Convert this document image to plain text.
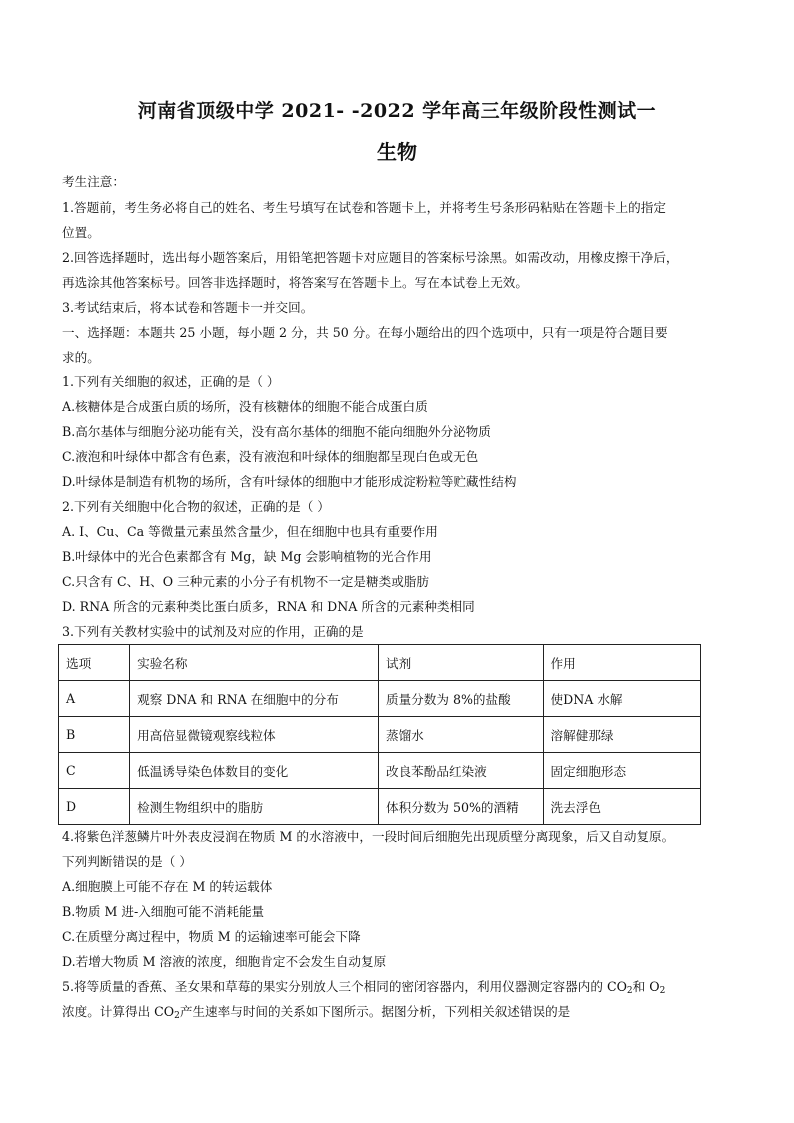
河南省顶级中学 2021- -2022 学年高三年级阶段性测试一
生物
考生注意：
1.答题前，考生务必将自己的姓名、考生号填写在试卷和答题卡上，并将考生号条形码粘贴在答题卡上的指定
位置。
2.回答选择题时，选出每小题答案后，用铅笔把答题卡对应题目的答案标号涂黑。如需改动，用橡皮擦干净后，
再选涂其他答案标号。回答非选择题时，将答案写在答题卡上。写在本试卷上无效。
3.考试结束后，将本试卷和答题卡一并交回。
一、选择题：本题共 25 小题，每小题 2 分，共 50 分。在每小题给出的四个选项中，只有一项是符合题目要
求的。
1.下列有关细胞的叙述，正确的是（ ）
A.核糖体是合成蛋白质的场所，没有核糖体的细胞不能合成蛋白质
B.高尔基体与细胞分泌功能有关，没有高尔基体的细胞不能向细胞外分泌物质
C.液泡和叶绿体中都含有色素，没有液泡和叶绿体的细胞都呈现白色或无色
D.叶绿体是制造有机物的场所，含有叶绿体的细胞中才能形成淀粉粒等贮藏性结构
2.下列有关细胞中化合物的叙述，正确的是（ ）
A. I、Cu、Ca 等微量元素虽然含量少，但在细胞中也具有重要作用
B.叶绿体中的光合色素都含有 Mg，缺 Mg 会影响植物的光合作用
C.只含有 C、H、O 三种元素的小分子有机物不一定是糖类或脂肪
D. RNA 所含的元素种类比蛋白质多，RNA 和 DNA 所含的元素种类相同
3.下列有关教材实验中的试剂及对应的作用，正确的是
选项	实验名称	试剂	作用
A	观察 DNA 和 RNA 在细胞中的分布	质量分数为 8%的盐酸	使DNA 水解
B	用高倍显微镜观察线粒体	蒸馏水	溶解健那绿
C	低温诱导染色体数目的变化	改良苯酚品红染液	固定细胞形态
D	检测生物组织中的脂肪	体积分数为 50%的酒精	洗去浮色
4.将紫色洋葱鳞片叶外表皮浸润在物质 M 的水溶液中，一段时间后细胞先出现质壁分离现象，后又自动复原。
下列判断错误的是（ ）
A.细胞膜上可能不存在 M 的转运载体
B.物质 M 进-入细胞可能不消耗能量
C.在质壁分离过程中，物质 M 的运输速率可能会下降
D.若增大物质 M 溶液的浓度，细胞肯定不会发生自动复原
5.将等质量的香蕉、圣女果和草莓的果实分别放人三个相同的密闭容器内，利用仪器测定容器内的 $CO_2$和 $O_2$
浓度。计算得出 $CO_2$产生速率与时间的关系如下图所示。据图分析，下列相关叙述错误的是
